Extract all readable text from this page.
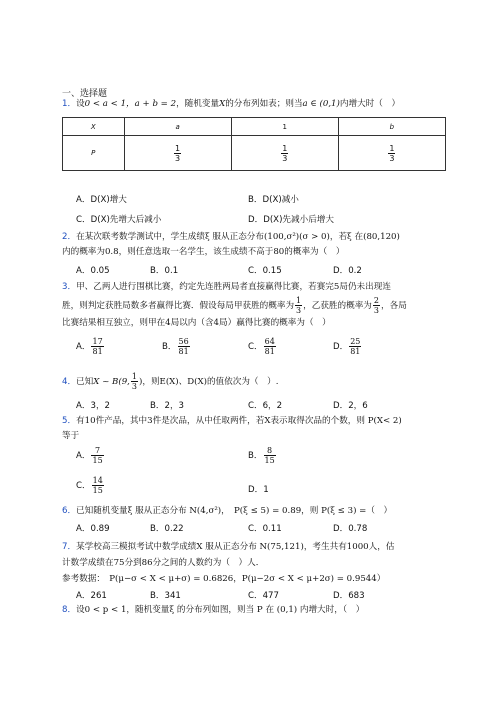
一、选择题
1．设0 < a < 1，a + b = 2，随机变量X的分布列如表；则当a ∈ (0,1)内增大时（　）
X	a	1	b
P	$\frac{1}{3}$	$\frac{1}{3}$	$\frac{1}{3}$
A．D(X)增大	B．D(X)减小
C．D(X)先增大后减小	D．D(X)先减小后增大
2．在某次联考数学测试中，学生成绩ξ 服从正态分布(100,σ²)(σ > 0)，若ξ 在(80,120)
内的概率为0.8，则任意选取一名学生，该生成绩不高于80的概率为（　）
A．0.05	B．0.1	C．0.15	D．0.2
3．甲、乙两人进行围棋比赛，约定先连胜两局者直接赢得比赛，若赛完5局仍未出现连
胜，则判定获胜局数多者赢得比赛．假设每局甲获胜的概率为 $\frac{1}{3}$ ，乙获胜的概率为 $\frac{2}{3}$ ，各局
比赛结果相互独立，则甲在4局以内（含4局）赢得比赛的概率为（　）
A． $\frac{17}{81}$	B． $\frac{56}{81}$	C． $\frac{64}{81}$	D． $\frac{25}{81}$
4．已知X ~ B(9, $\frac{1}{3}$ )，则E(X)、D(X)的值依次为（　）.
A．3，2	B．2，3	C．6，2	D．2，6
5．有10件产品，其中3件是次品，从中任取两件，若X表示取得次品的个数，则 P(X< 2)
等于
A． $\frac{7}{15}$	B． $\frac{8}{15}$
C． $\frac{14}{15}$	D．1
6．已知随机变量ξ 服从正态分布 N(4,σ²)，　P(ξ ≤ 5) = 0.89，则 P(ξ ≤ 3) =（　）
A．0.89	B．0.22	C．0.11	D．0.78
7．某学校高三模拟考试中数学成绩X 服从正态分布 N(75,121)，考生共有1000人，估
计数学成绩在75分到86分之间的人数约为（　）人．
参考数据：　P(μ−σ < X < μ+σ) = 0.6826，P(μ−2σ < X < μ+2σ) = 0.9544）
A．261	B．341	C．477	D．683
8．设0 < p < 1，随机变量ξ 的分布列如图，则当 P 在 (0,1) 内增大时，（　）
